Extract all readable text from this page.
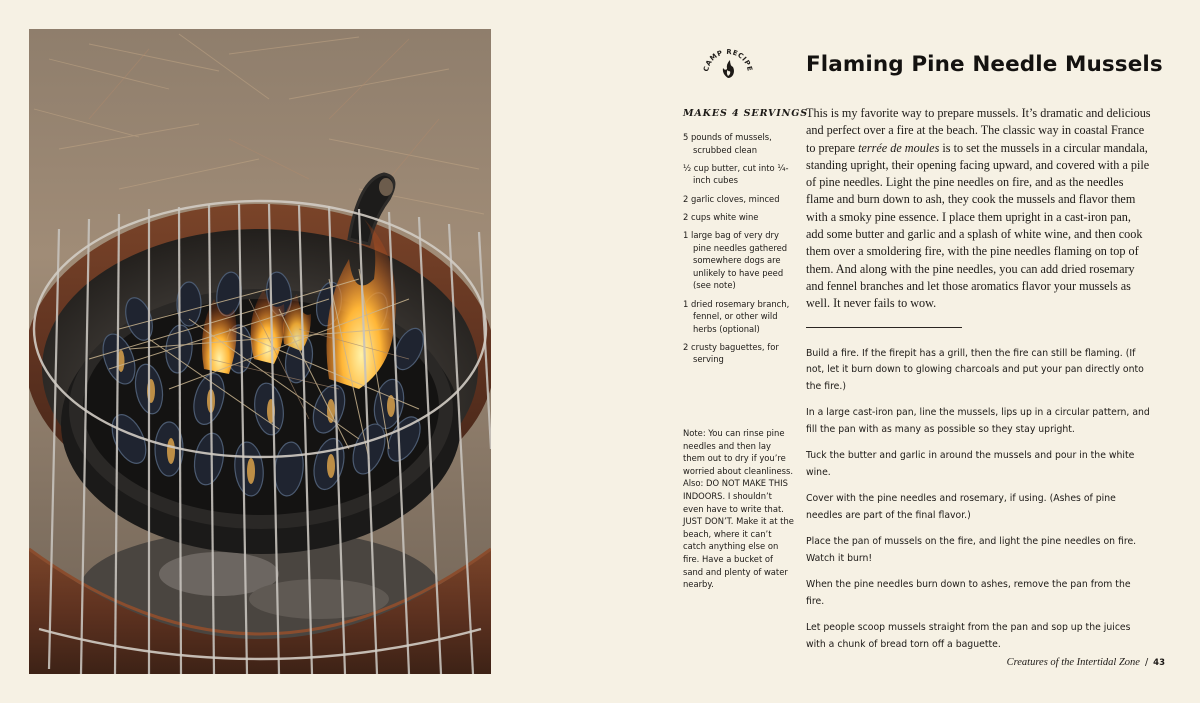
CAMP RECIPE Flaming Pine Needle Mussels
MAKES 4 SERVINGS
5 pounds of mussels, scrubbed clean
½ cup butter, cut into ¼-inch cubes
2 garlic cloves, minced
2 cups white wine
1 large bag of very dry pine needles gathered somewhere dogs are unlikely to have peed (see note)
1 dried rosemary branch, fennel, or other wild herbs (optional)
2 crusty baguettes, for serving

Note: You can rinse pine needles and then lay them out to dry if you’re worried about cleanliness. Also: DO NOT MAKE THIS INDOORS. I shouldn’t even have to write that. JUST DON’T. Make it at the beach, where it can’t catch anything else on fire. Have a bucket of sand and plenty of water nearby.

This is my favorite way to prepare mussels. It’s dramatic and delicious and perfect over a fire at the beach. The classic way in coastal France to prepare terrée de moules is to set the mussels in a circular mandala, standing upright, their opening facing upward, and covered with a pile of pine needles. Light the pine needles on fire, and as the needles flame and burn down to ash, they cook the mussels and flavor them with a smoky pine essence. I place them upright in a cast-iron pan, add some butter and garlic and a splash of white wine, and then cook them over a smoldering fire, with the pine needles flaming on top of them. And along with the pine needles, you can add dried rosemary and fennel branches and let those aromatics flavor your mussels as well. It never fails to wow.

Build a fire. If the firepit has a grill, then the fire can still be flaming. (If not, let it burn down to glowing charcoals and put your pan directly onto the fire.)

In a large cast-iron pan, line the mussels, lips up in a circular pattern, and fill the pan with as many as possible so they stay upright.

Tuck the butter and garlic in around the mussels and pour in the white wine.

Cover with the pine needles and rosemary, if using. (Ashes of pine needles are part of the final flavor.)

Place the pan of mussels on the fire, and light the pine needles on fire. Watch it burn!

When the pine needles burn down to ashes, remove the pan from the fire.

Let people scoop mussels straight from the pan and sop up the juices with a chunk of bread torn off a baguette.

Creatures of the Intertidal Zone / 43
